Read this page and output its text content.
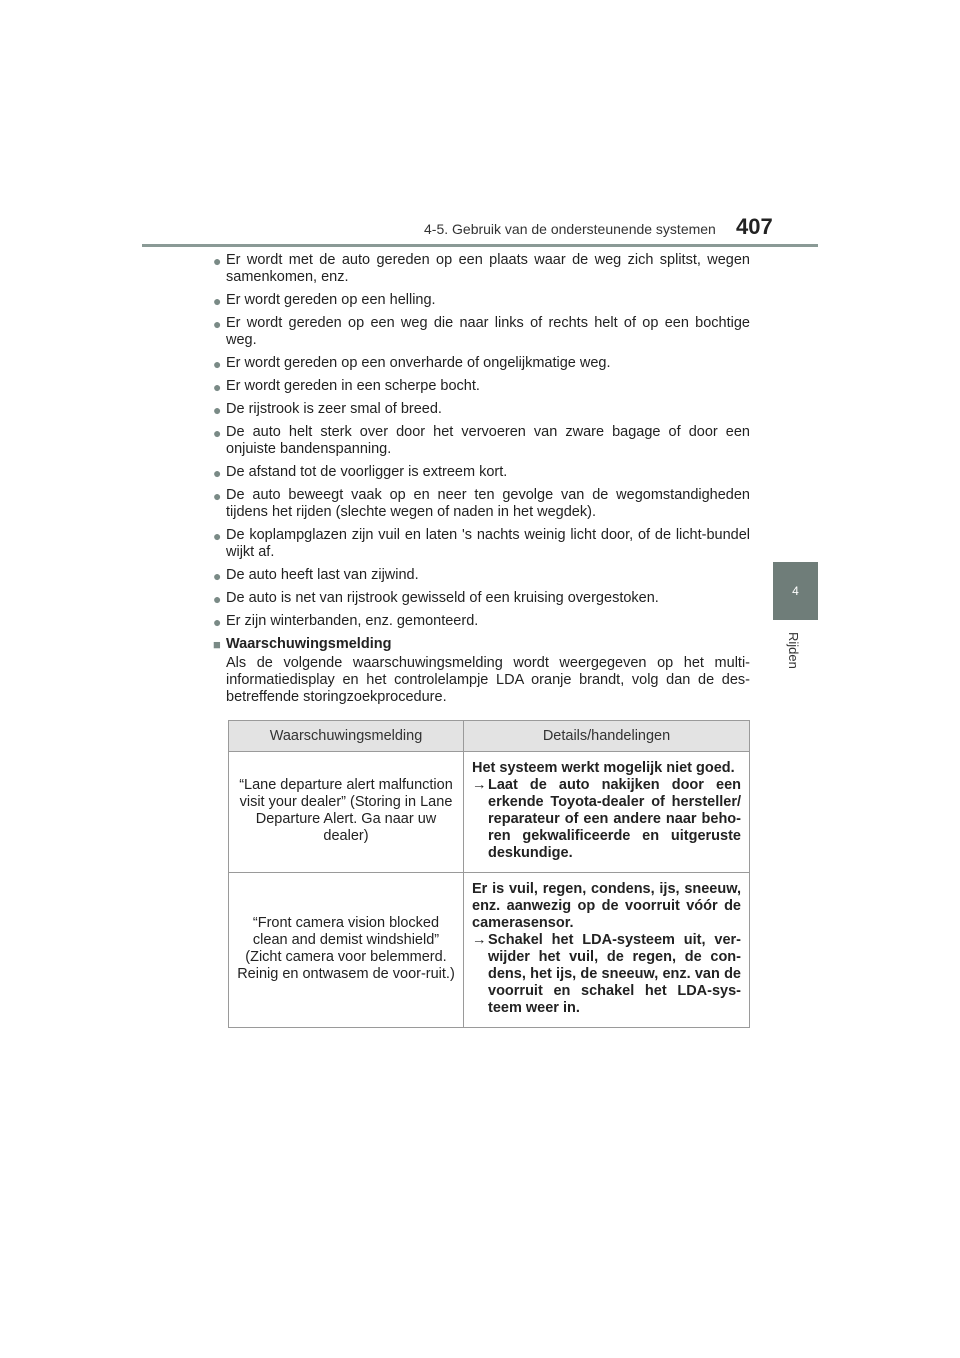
4-5. Gebruik van de ondersteunende systemen 407
4
Rijden
● Er wordt met de auto gereden op een plaats waar de weg zich splitst, wegen samenkomen, enz.
● Er wordt gereden op een helling.
● Er wordt gereden op een weg die naar links of rechts helt of op een bochtige weg.
● Er wordt gereden op een onverharde of ongelijkmatige weg.
● Er wordt gereden in een scherpe bocht.
● De rijstrook is zeer smal of breed.
● De auto helt sterk over door het vervoeren van zware bagage of door een onjuiste bandenspanning.
● De afstand tot de voorligger is extreem kort.
● De auto beweegt vaak op en neer ten gevolge van de wegomstandigheden tijdens het rijden (slechte wegen of naden in het wegdek).
● De koplampglazen zijn vuil en laten 's nachts weinig licht door, of de licht-bundel wijkt af.
● De auto heeft last van zijwind.
● De auto is net van rijstrook gewisseld of een kruising overgestoken.
● Er zijn winterbanden, enz. gemonteerd.
■ Waarschuwingsmelding
Als de volgende waarschuwingsmelding wordt weergegeven op het multi-informatiedisplay en het controlelampje LDA oranje brandt, volg dan de des-betreffende storingzoekprocedure.
Waarschuwingsmelding	Details/handelingen
“Lane departure alert malfunction visit your dealer” (Storing in Lane Departure Alert. Ga naar uw dealer)	Het systeem werkt mogelijk niet goed.
→ Laat de auto nakijken door een erkende Toyota-dealer of hersteller/ reparateur of een andere naar beho-ren gekwalificeerde en uitgeruste deskundige.

“Front camera vision blocked clean and demist windshield” (Zicht camera voor belemmerd. Reinig en ontwasem de voor-ruit.)	Er is vuil, regen, condens, ijs, sneeuw, enz. aanwezig op de voorruit vóór de camerasensor.
→ Schakel het LDA-systeem uit, ver-wijder het vuil, de regen, de con-dens, het ijs, de sneeuw, enz. van de voorruit en schakel het LDA-sys-teem weer in.
